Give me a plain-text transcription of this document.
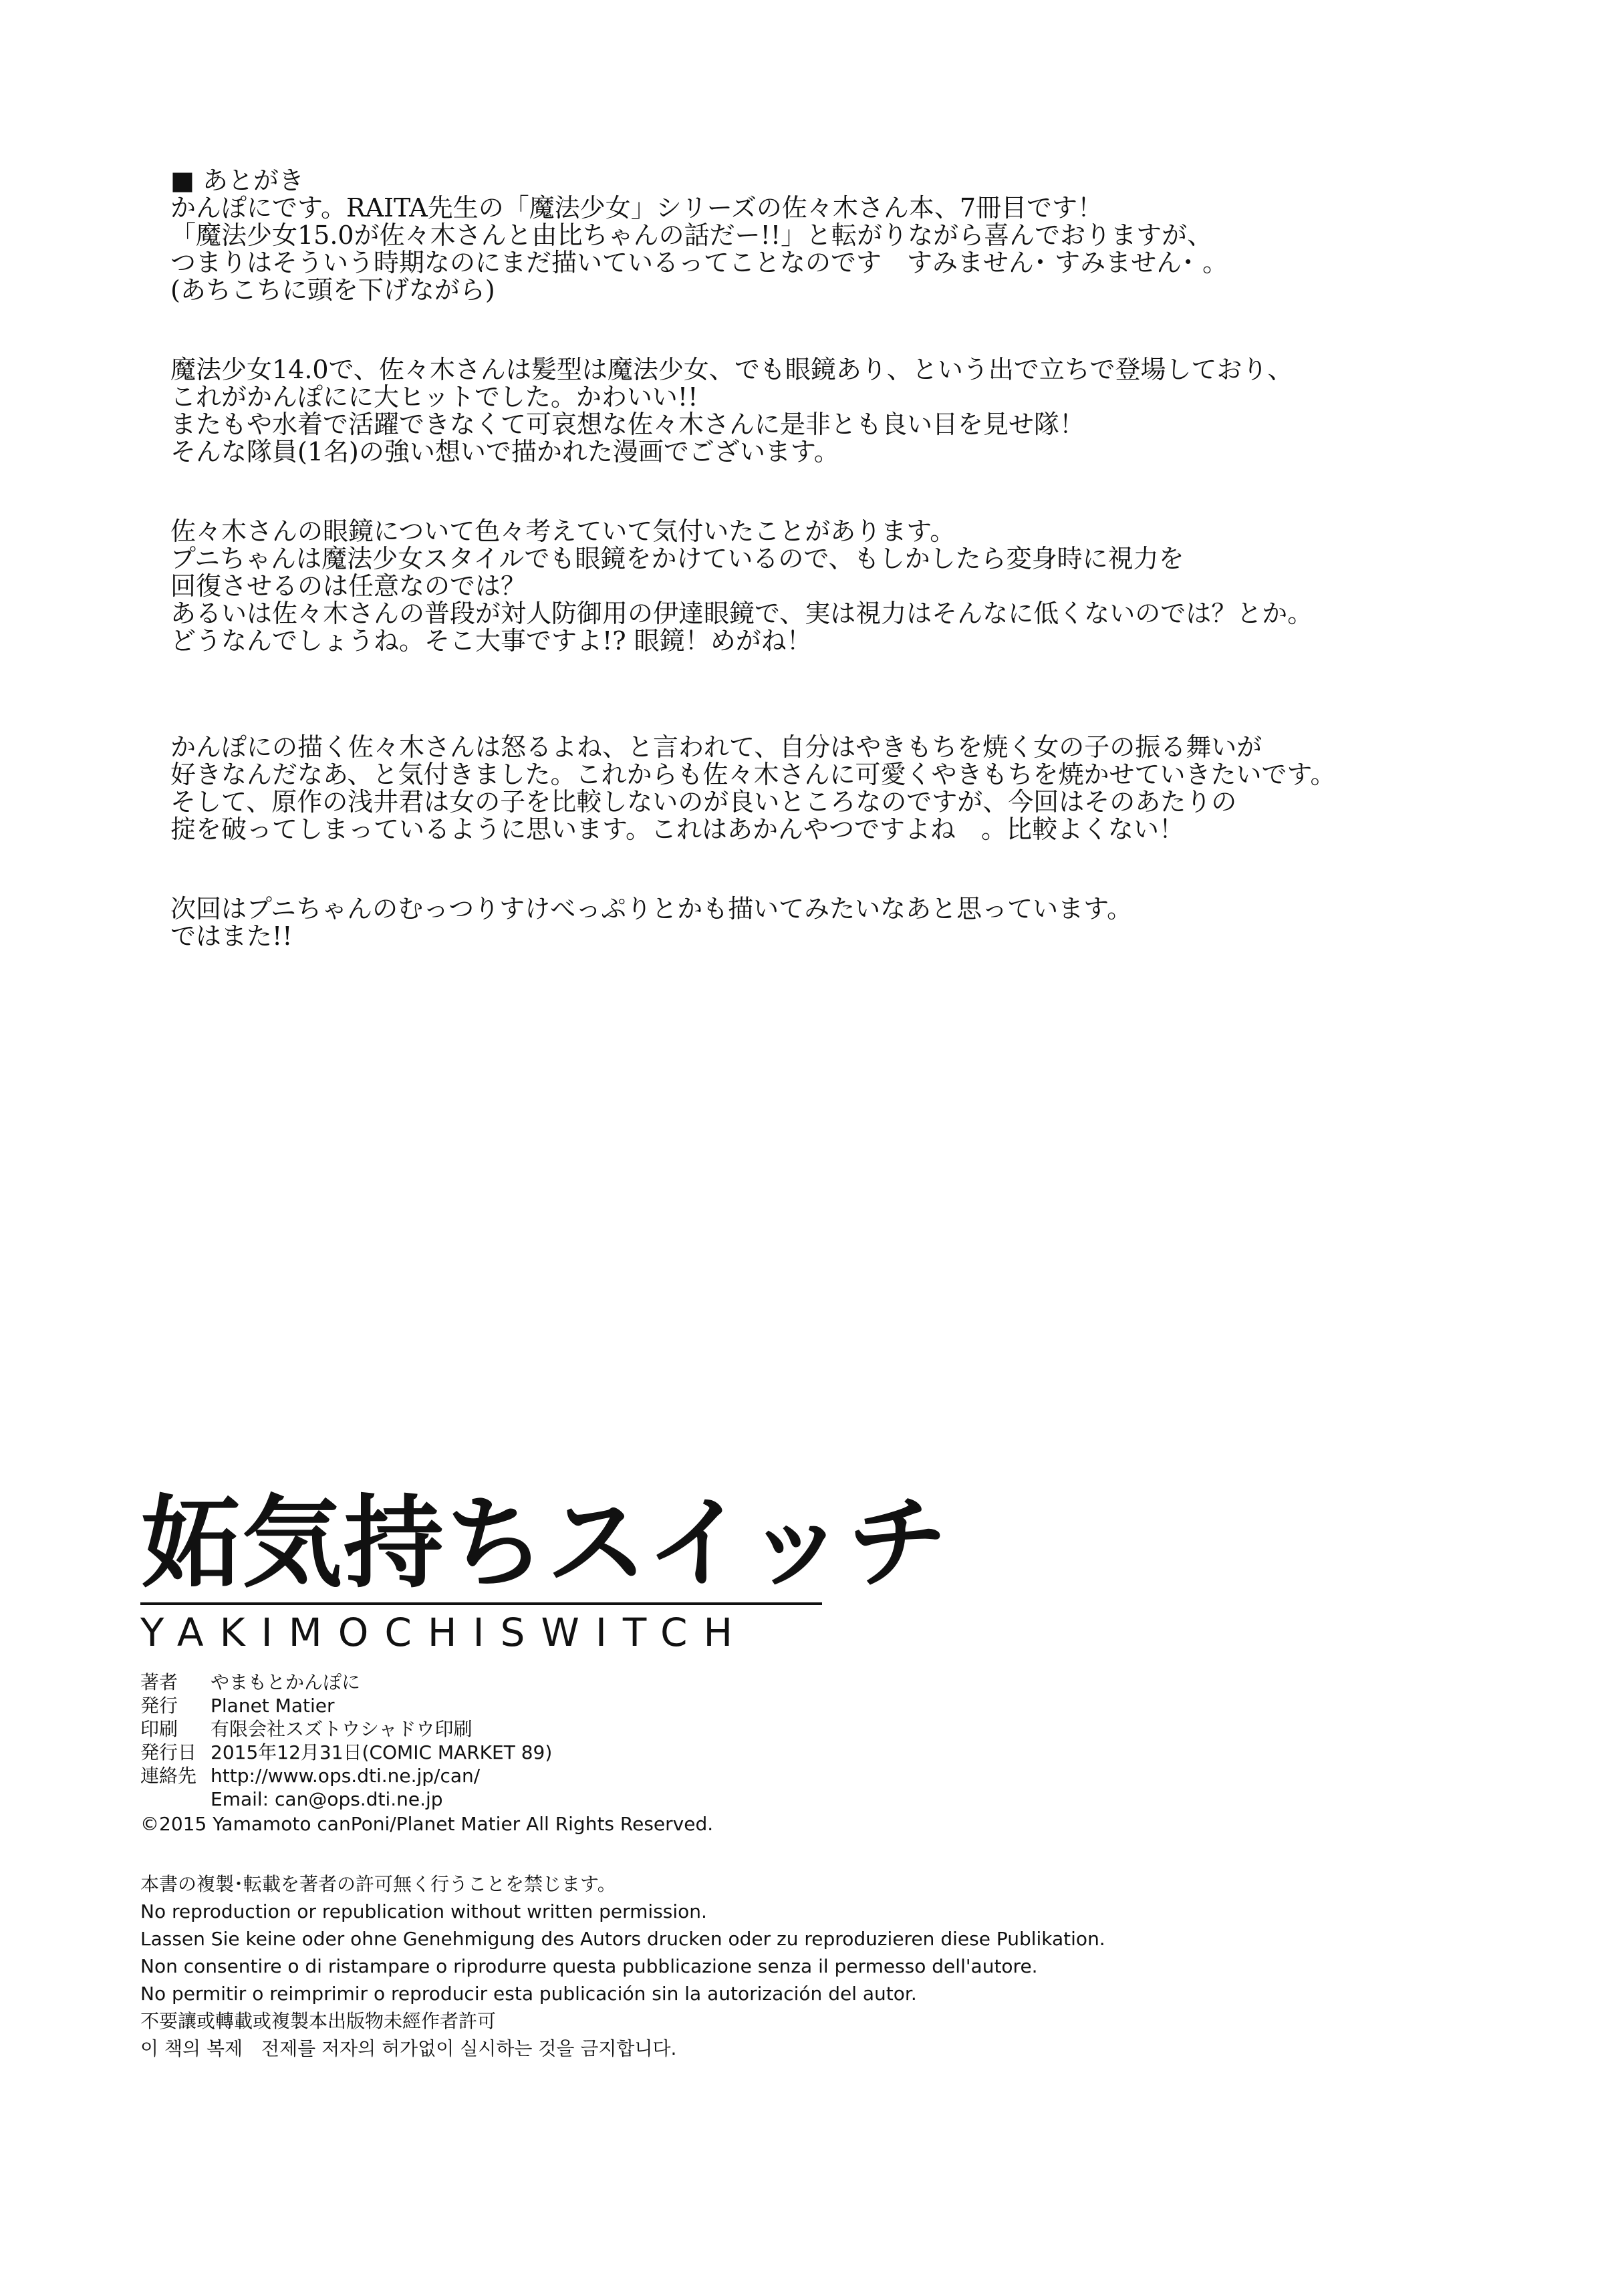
■ あとがき

かんぽにです。RAITA先生の「魔法少女」シリーズの佐々木さん本、7冊目です！

「魔法少女15.0が佐々木さんと由比ちゃんの話だー!!」と転がりながら喜んでおりますが、

つまりはそういう時期なのにまだ描いているってことなのです　すみません･ すみません･ 。

(あちこちに頭を下げながら)

魔法少女14.0で、佐々木さんは髪型は魔法少女、でも眼鏡あり、という出で立ちで登場しており、

これがかんぽにに大ヒットでした。かわいい!!

またもや水着で活躍できなくて可哀想な佐々木さんに是非とも良い目を見せ隊！

そんな隊員(1名)の強い想いで描かれた漫画でございます。

佐々木さんの眼鏡について色々考えていて気付いたことがあります。

プニちゃんは魔法少女スタイルでも眼鏡をかけているので、もしかしたら変身時に視力を

回復させるのは任意なのでは？

あるいは佐々木さんの普段が対人防御用の伊達眼鏡で、実は視力はそんなに低くないのでは？とか。

どうなんでしょうね。そこ大事ですよ!? 眼鏡！めがね！

かんぽにの描く佐々木さんは怒るよね、と言われて、自分はやきもちを焼く女の子の振る舞いが

好きなんだなあ、と気付きました。これからも佐々木さんに可愛くやきもちを焼かせていきたいです。

そして、原作の浅井君は女の子を比較しないのが良いところなのですが、今回はそのあたりの

掟を破ってしまっているように思います。これはあかんやつですよね　。比較よくない！

次回はプニちゃんのむっつりすけべっぷりとかも描いてみたいなあと思っています。

ではまた!!

妬気持ちスイッチ

YAKIMOCHISWITCH

著者	やまもとかんぽに
発行	Planet Matier
印刷	有限会社スズトウシャドウ印刷
発行日 2015年12月31日(COMIC MARKET 89)
連絡先 http://www.ops.dti.ne.jp/can/
Email: can@ops.dti.ne.jp
©2015 Yamamoto canPoni/Planet Matier All Rights Reserved.

本書の複製･転載を著者の許可無く行うことを禁じます。

No reproduction or republication without written permission.

Lassen Sie keine oder ohne Genehmigung des Autors drucken oder zu reproduzieren diese Publikation.

Non consentire o di ristampare o riprodurre questa pubblicazione senza il permesso dell'autore.

No permitir o reimprimir o reproducir esta publicación sin la autorización del autor.

不要讓或轉載或複製本出版物未經作者許可

이 책의 복제　전제를 저자의 허가없이 실시하는 것을 금지합니다.
